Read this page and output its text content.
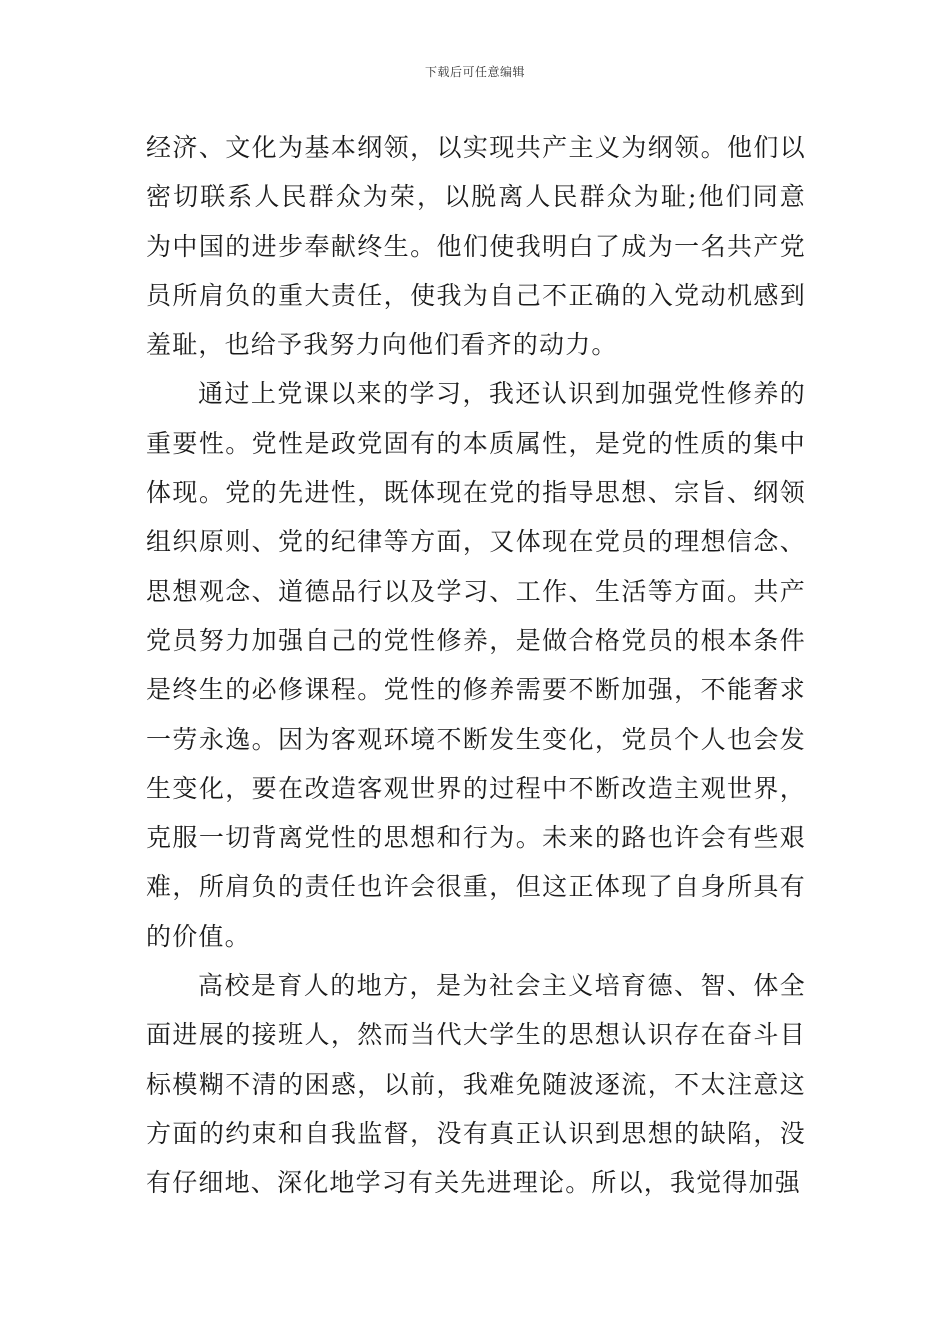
下载后可任意编辑

经济、文化为基本纲领，以实现共产主义为纲领。他们以密切联系人民群众为荣，以脱离人民群众为耻;他们同意为中国的进步奉献终生。他们使我明白了成为一名共产党员所肩负的重大责任，使我为自己不正确的入党动机感到羞耻，也给予我努力向他们看齐的动力。

通过上党课以来的学习，我还认识到加强党性修养的重要性。党性是政党固有的本质属性，是党的性质的集中体现。党的先进性，既体现在党的指导思想、宗旨、纲领组织原则、党的纪律等方面，又体现在党员的理想信念、思想观念、道德品行以及学习、工作、生活等方面。共产党员努力加强自己的党性修养，是做合格党员的根本条件是终生的必修课程。党性的修养需要不断加强，不能奢求一劳永逸。因为客观环境不断发生变化，党员个人也会发生变化，要在改造客观世界的过程中不断改造主观世界，克服一切背离党性的思想和行为。未来的路也许会有些艰难，所肩负的责任也许会很重，但这正体现了自身所具有的价值。

高校是育人的地方，是为社会主义培育德、智、体全面进展的接班人，然而当代大学生的思想认识存在奋斗目标模糊不清的困惑，以前，我难免随波逐流，不太注意这方面的约束和自我监督，没有真正认识到思想的缺陷，没有仔细地、深化地学习有关先进理论。所以，我觉得加强
